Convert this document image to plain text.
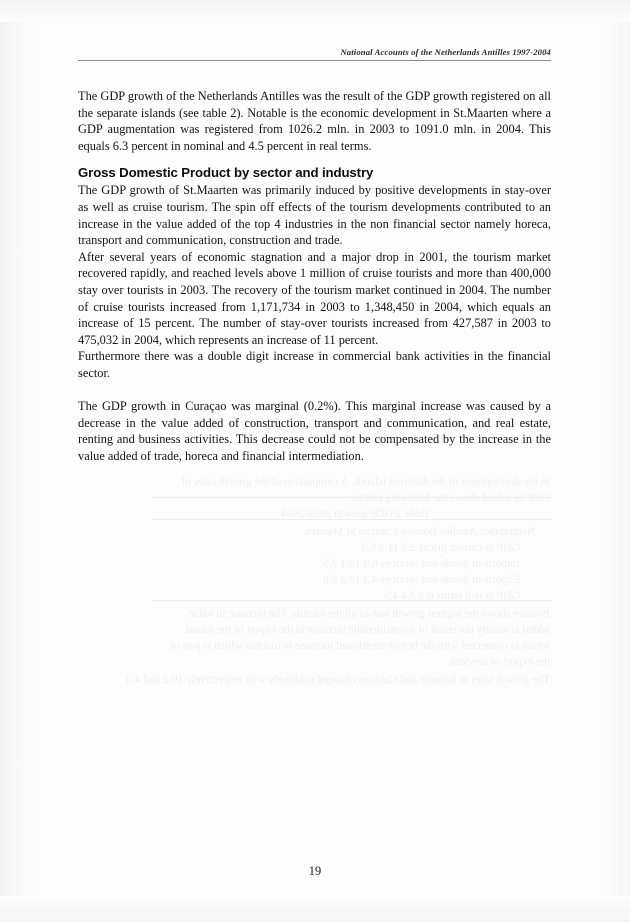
in the development of the different islands. A comparison of the growth rates of
GDP by island shows the following picture:
Table 2 GDP growth 2003-2004
Netherlands Antilles Bonaire Curacao St.Maarten
GDP in current prices 2.5 11.2 6.3
Imports of goods and services 6.9 10.1 7.5
Exports of goods and services 4.3 10.2 5.8
GDP in real terms 0.2 3.4 4.5
Bonaire shows the highest growth rate of all the islands. The increase in value
added is mainly the result of a considerable increase in the export of the island,
which is connected with the before mentioned increase in tourism which is part of
the export of services.
The growth rates in Bonaire and Curacao changed positively with respectively 10.2 and 4.3
National Accounts of the Netherlands Antilles 1997-2004

The GDP growth of the Netherlands Antilles was the result of the GDP growth registered on all the separate islands (see table 2). Notable is the economic development in St.Maarten where a GDP augmentation was registered from 1026.2 mln. in 2003 to 1091.0 mln. in 2004. This equals 6.3 percent in nominal and 4.5 percent in real terms.

Gross Domestic Product by sector and industry

The GDP growth of St.Maarten was primarily induced by positive developments in stay-over as well as cruise tourism. The spin off effects of the tourism developments contributed to an increase in the value added of the top 4 industries in the non financial sector namely horeca, transport and communication, construction and trade.

After several years of economic stagnation and a major drop in 2001, the tourism market recovered rapidly, and reached levels above 1 million of cruise tourists and more than 400,000 stay over tourists in 2003. The recovery of the tourism market continued in 2004. The number of cruise tourists increased from 1,171,734 in 2003 to 1,348,450 in 2004, which equals an increase of 15 percent. The number of stay-over tourists increased from 427,587 in 2003 to 475,032 in 2004, which represents an increase of 11 percent.

Furthermore there was a double digit increase in commercial bank activities in the financial sector.

The GDP growth in Curaçao was marginal (0.2%). This marginal increase was caused by a decrease in the value added of construction, transport and communication, and real estate, renting and business activities. This decrease could not be compensated by the increase in the value added of trade, horeca and financial intermediation.

19
